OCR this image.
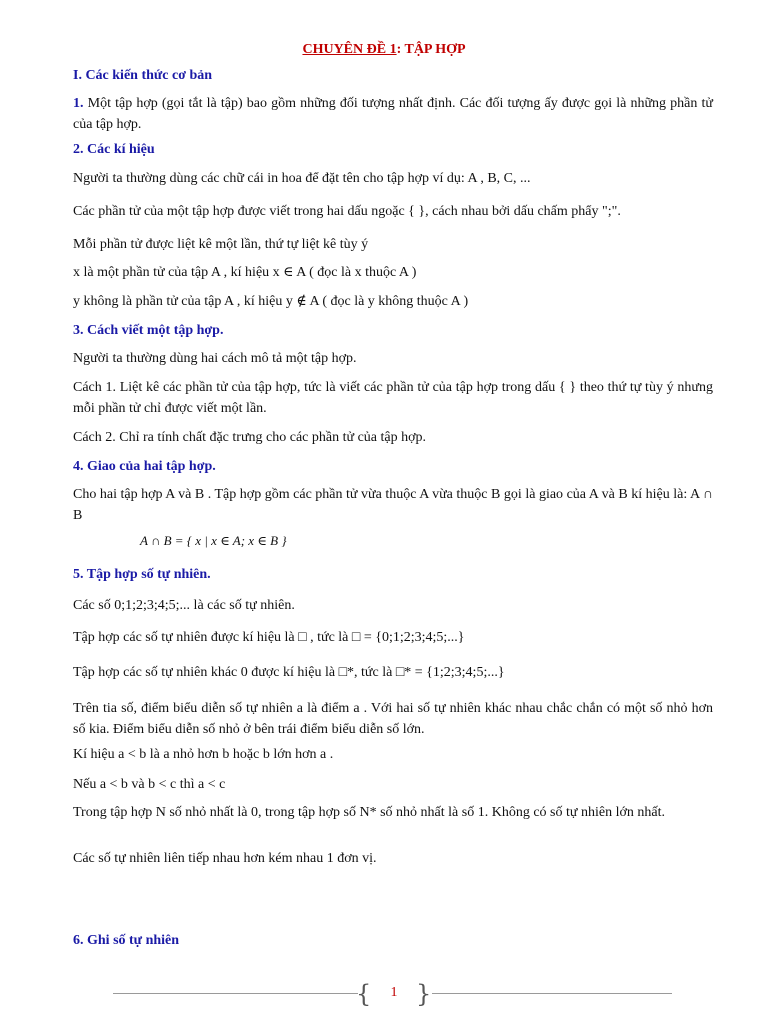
CHUYÊN ĐỀ 1: TẬP HỢP
I. Các kiến thức cơ bản
1. Một tập hợp (gọi tắt là tập) bao gồm những đối tượng nhất định. Các đối tượng ấy được gọi là những phần tử của tập hợp.
2. Các kí hiệu
Người ta thường dùng các chữ cái in hoa để đặt tên cho tập hợp ví dụ: A , B, C, ...
Các phần tử của một tập hợp được viết trong hai dấu ngoặc { }, cách nhau bởi dấu chấm phẩy ";".
Mỗi phần tử được liệt kê một lần, thứ tự liệt kê tùy ý
x là một phần tử của tập A , kí hiệu x ∈ A ( đọc là x thuộc A )
y không là phần tử của tập A , kí hiệu y ∉ A ( đọc là y không thuộc A )
3. Cách viết một tập hợp.
Người ta thường dùng hai cách mô tả một tập hợp.
Cách 1. Liệt kê các phần tử của tập hợp, tức là viết các phần tử của tập hợp trong dấu { } theo thứ tự tùy ý nhưng mỗi phần tử chỉ được viết một lần.
Cách 2. Chỉ ra tính chất đặc trưng cho các phần tử của tập hợp.
4. Giao của hai tập hợp.
Cho hai tập hợp A và B . Tập hợp gồm các phần tử vừa thuộc A vừa thuộc B gọi là giao của A và B kí hiệu là: A ∩ B
A ∩ B = { x | x ∈ A; x ∈ B }
5. Tập hợp số tự nhiên.
Các số 0;1;2;3;4;5;... là các số tự nhiên.
Tập hợp các số tự nhiên được kí hiệu là □ , tức là □ = {0;1;2;3;4;5;...}
Tập hợp các số tự nhiên khác 0 được kí hiệu là □*, tức là □* = {1;2;3;4;5;...}
Trên tia số, điểm biểu diễn số tự nhiên a là điểm a . Với hai số tự nhiên khác nhau chắc chắn có một số nhỏ hơn số kia. Điểm biểu diễn số nhỏ ở bên trái điểm biểu diễn số lớn.
Kí hiệu a < b là a nhỏ hơn b hoặc b lớn hơn a .
Nếu a < b và b < c thì a < c
Trong tập hợp N số nhỏ nhất là 0, trong tập hợp số N* số nhỏ nhất là số 1. Không có số tự nhiên lớn nhất.
Các số tự nhiên liên tiếp nhau hơn kém nhau 1 đơn vị.
6. Ghi số tự nhiên
{	1 }
